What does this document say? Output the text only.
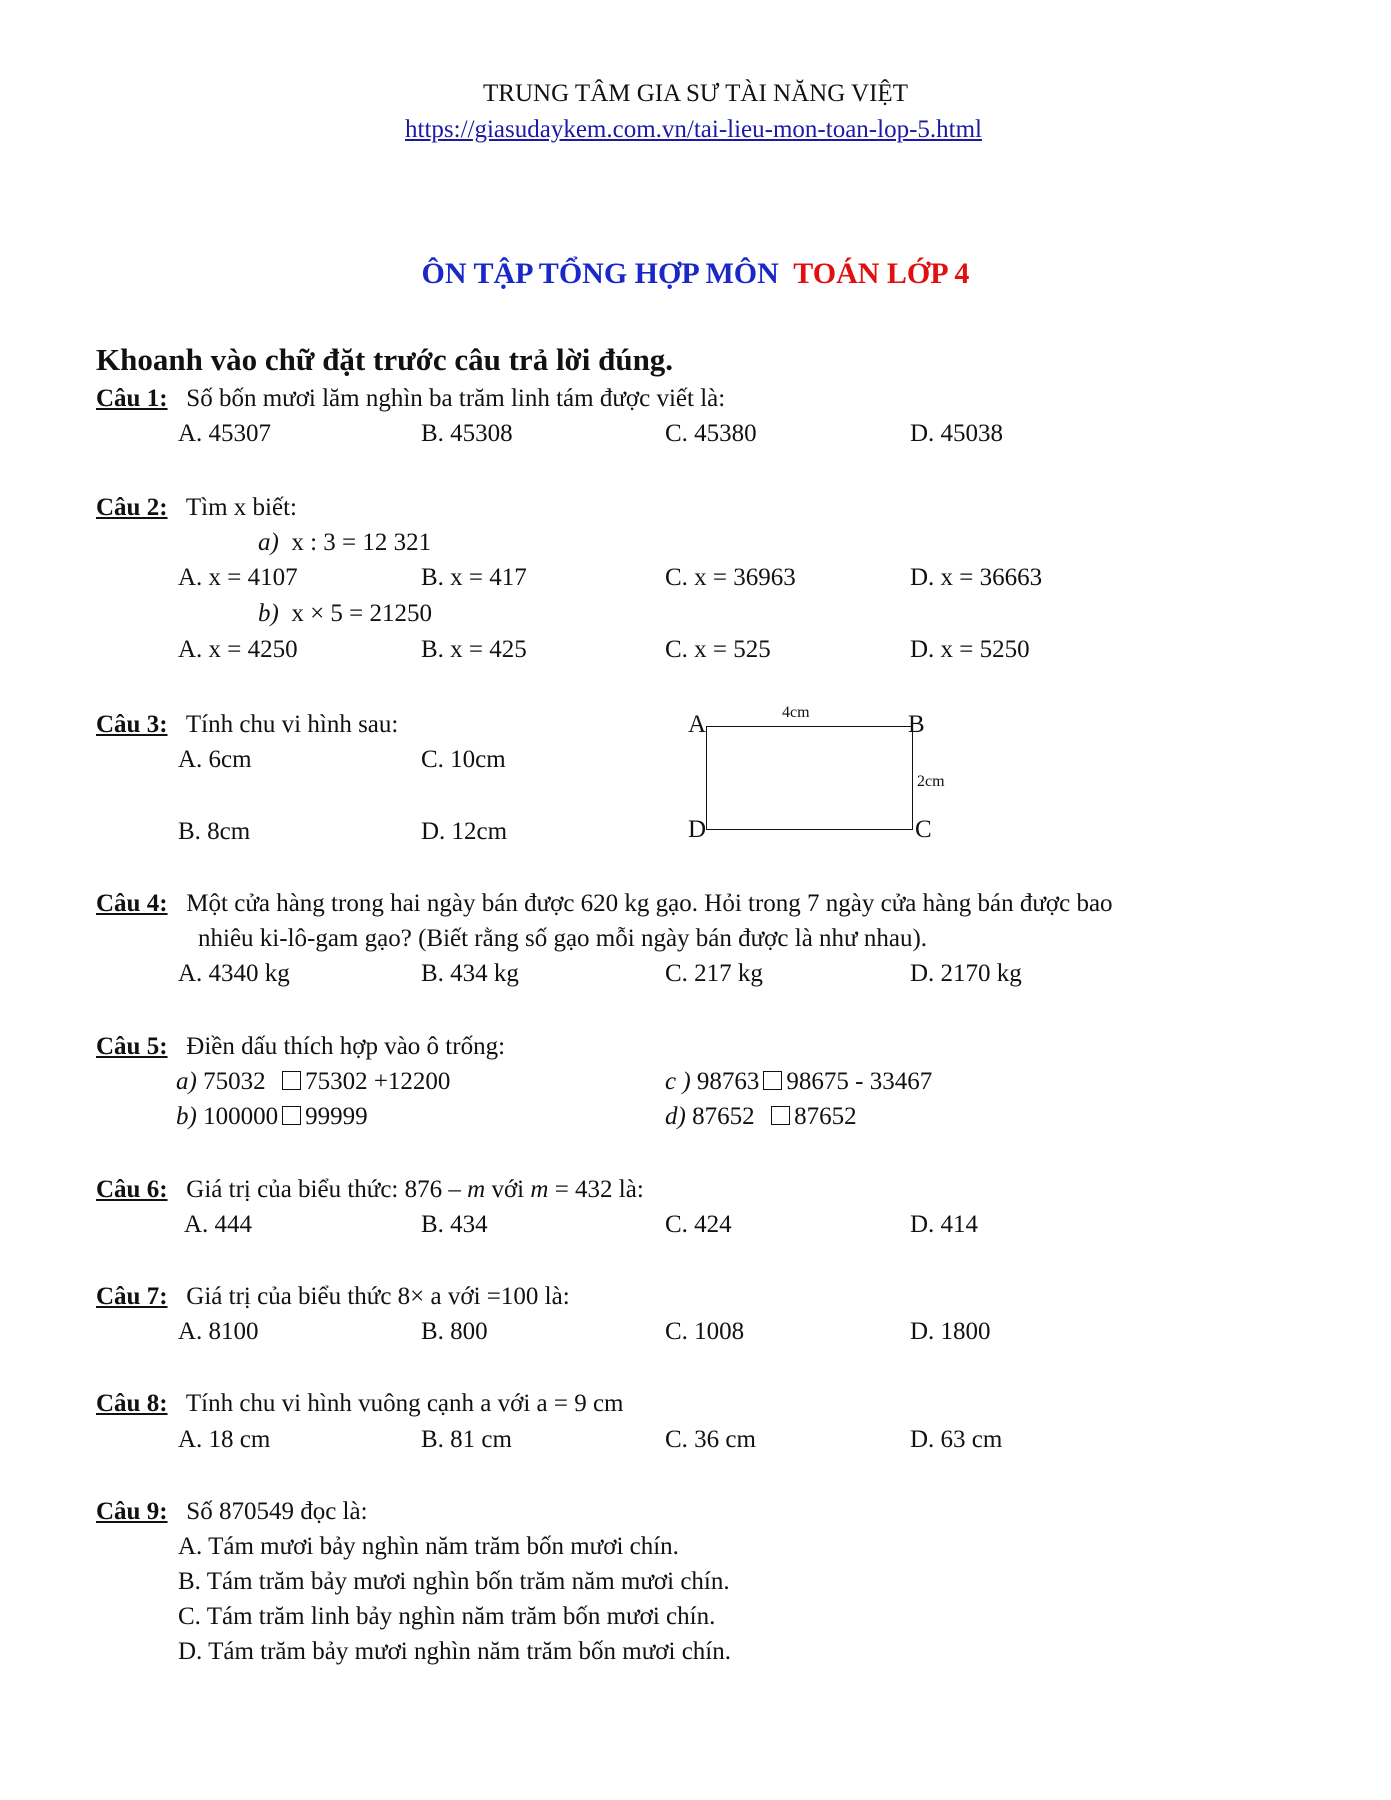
TRUNG TÂM GIA SƯ TÀI NĂNG VIỆT
https://giasudaykem.com.vn/tai-lieu-mon-toan-lop-5.html
ÔN TẬP TỔNG HỢP MÔN TOÁN LỚP 4
Khoanh vào chữ đặt trước câu trả lời đúng.
Câu 1: Số bốn mươi lăm nghìn ba trăm linh tám được viết là:
A. 45307	B. 45308	C. 45380	D. 45038
Câu 2: Tìm x biết:
a) x : 3 = 12 321
A. x = 4107	B. x = 417	C. x = 36963	D. x = 36663
b) x × 5 = 21250
A. x = 4250	B. x = 425	C. x = 525	D. x = 5250
Câu 3: Tính chu vi hình sau:
A. 6cm	C. 10cm
B. 8cm	D. 12cm
A	B
D	C
4cm
2cm
Câu 4: Một cửa hàng trong hai ngày bán được 620 kg gạo. Hỏi trong 7 ngày cửa hàng bán được bao
nhiêu ki-lô-gam gạo? (Biết rằng số gạo mỗi ngày bán được là như nhau).
A. 4340 kg	B. 434 kg	C. 217 kg	D. 2170 kg
Câu 5: Điền dấu thích hợp vào ô trống:
a) 75032 75302 +12200	c ) 98763 98675 - 33467
b) 100000 99999	d) 87652 87652
Câu 6: Giá trị của biểu thức: 876 – m với m = 432 là:
A. 444	B. 434	C. 424	D. 414
Câu 7: Giá trị của biểu thức 8× a với =100 là:
A. 8100	B. 800	C. 1008	D. 1800
Câu 8: Tính chu vi hình vuông cạnh a với a = 9 cm
A. 18 cm	B. 81 cm	C. 36 cm	D. 63 cm
Câu 9: Số 870549 đọc là:
A. Tám mươi bảy nghìn năm trăm bốn mươi chín.
B. Tám trăm bảy mươi nghìn bốn trăm năm mươi chín.
C. Tám trăm linh bảy nghìn năm trăm bốn mươi chín.
D. Tám trăm bảy mươi nghìn năm trăm bốn mươi chín.
